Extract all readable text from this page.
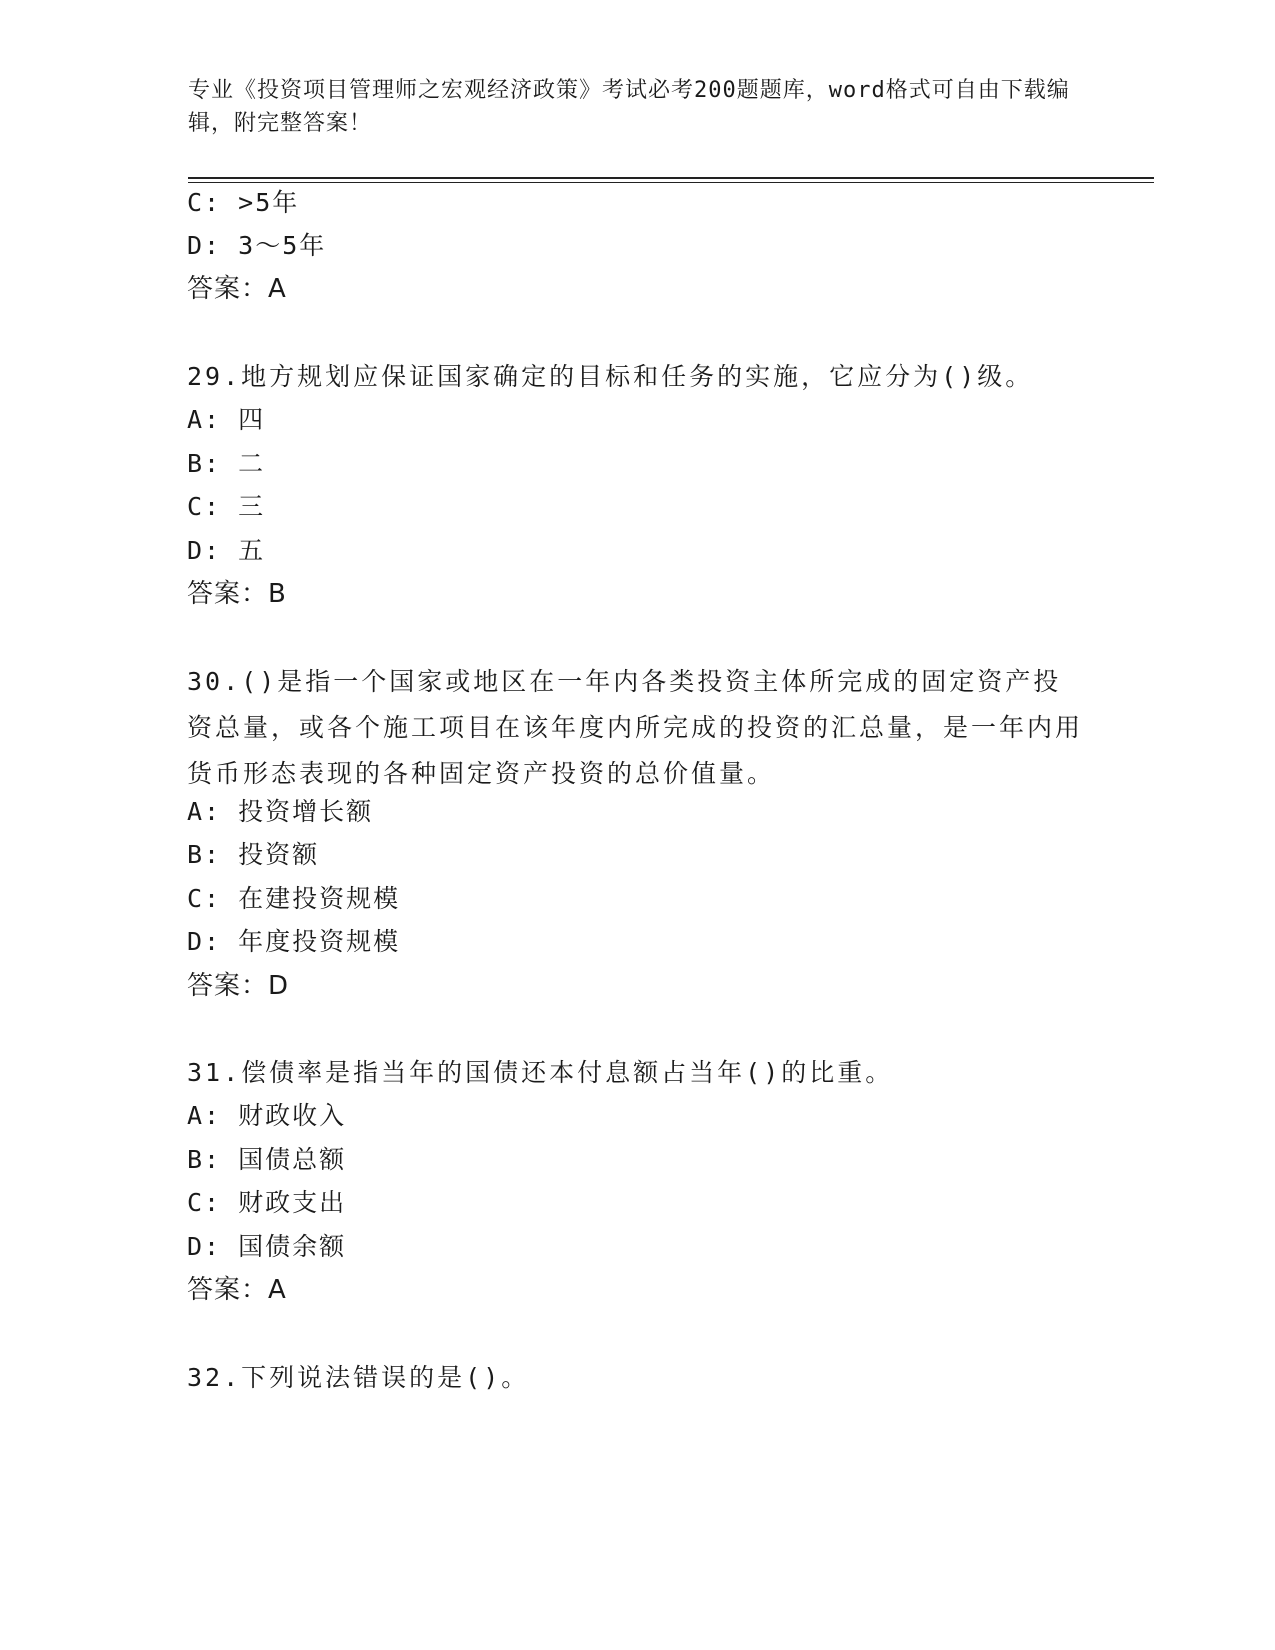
专业《投资项目管理师之宏观经济政策》考试必考200题题库，word格式可自由下载编辑，附完整答案！
C: >5年
D: 3～5年
答案：A
29.地方规划应保证国家确定的目标和任务的实施，它应分为()级。
A: 四
B: 二
C: 三
D: 五
答案：B
30.()是指一个国家或地区在一年内各类投资主体所完成的固定资产投资总量，或各个施工项目在该年度内所完成的投资的汇总量，是一年内用货币形态表现的各种固定资产投资的总价值量。
A: 投资增长额
B: 投资额
C: 在建投资规模
D: 年度投资规模
答案：D
31.偿债率是指当年的国债还本付息额占当年()的比重。
A: 财政收入
B: 国债总额
C: 财政支出
D: 国债余额
答案：A
32.下列说法错误的是()。
